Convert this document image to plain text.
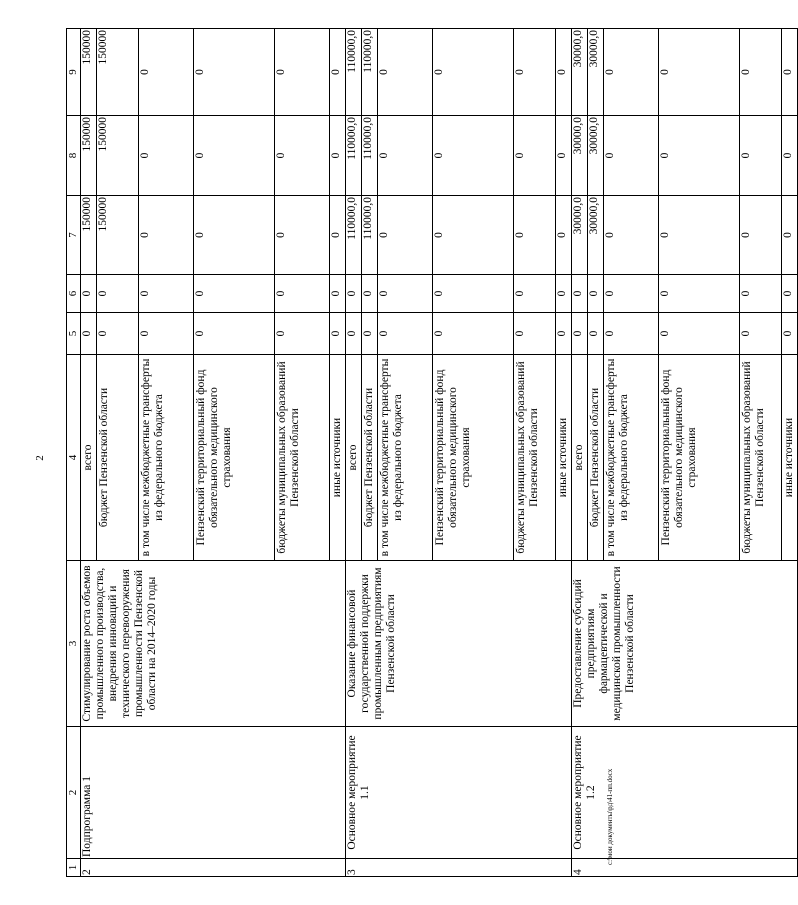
2
c:\мои документы\рд\41-пп.docx
1	2	3	4	5	6	7	8	9
2	Подпрограмма 1	Стимулирование роста объемов промышленного производства, внедрения инноваций и технического перевооружения промышленности Пензенской области на 2014–2020 годы	всего	0	0	150000	150000	150000
			бюджет Пензенской области	0	0	150000	150000	150000
			в том числе межбюджетные трансферты из федерального бюджета	0	0	0	0	0
			Пензенский территориальный фонд обязательного медицинского страхования	0	0	0	0	0
			бюджеты муниципальных образований Пензенской области	0	0	0	0	0
			иные источники	0	0	0	0	0
3	Основное мероприятие 1.1	Оказание финансовой государственной поддержки промышленным предприятиям Пензенской области	всего	0	0	110000,0	110000,0	110000,0
			бюджет Пензенской области	0	0	110000,0	110000,0	110000,0
			в том числе межбюджетные трансферты из федерального бюджета	0	0	0	0	0
			Пензенский территориальный фонд обязательного медицинского страхования	0	0	0	0	0
			бюджеты муниципальных образований Пензенской области	0	0	0	0	0
			иные источники	0	0	0	0	0
4	Основное мероприятие 1.2	Предоставление субсидий предприятиям фармацевтической и медицинской промышленности Пензенской области	всего	0	0	30000,0	30000,0	30000,0
			бюджет Пензенской области	0	0	30000,0	30000,0	30000,0
			в том числе межбюджетные трансферты из федерального бюджета	0	0	0	0	0
			Пензенский территориальный фонд обязательного медицинского страхования	0	0	0	0	0
			бюджеты муниципальных образований Пензенской области	0	0	0	0	0
			иные источники	0	0	0	0	0
